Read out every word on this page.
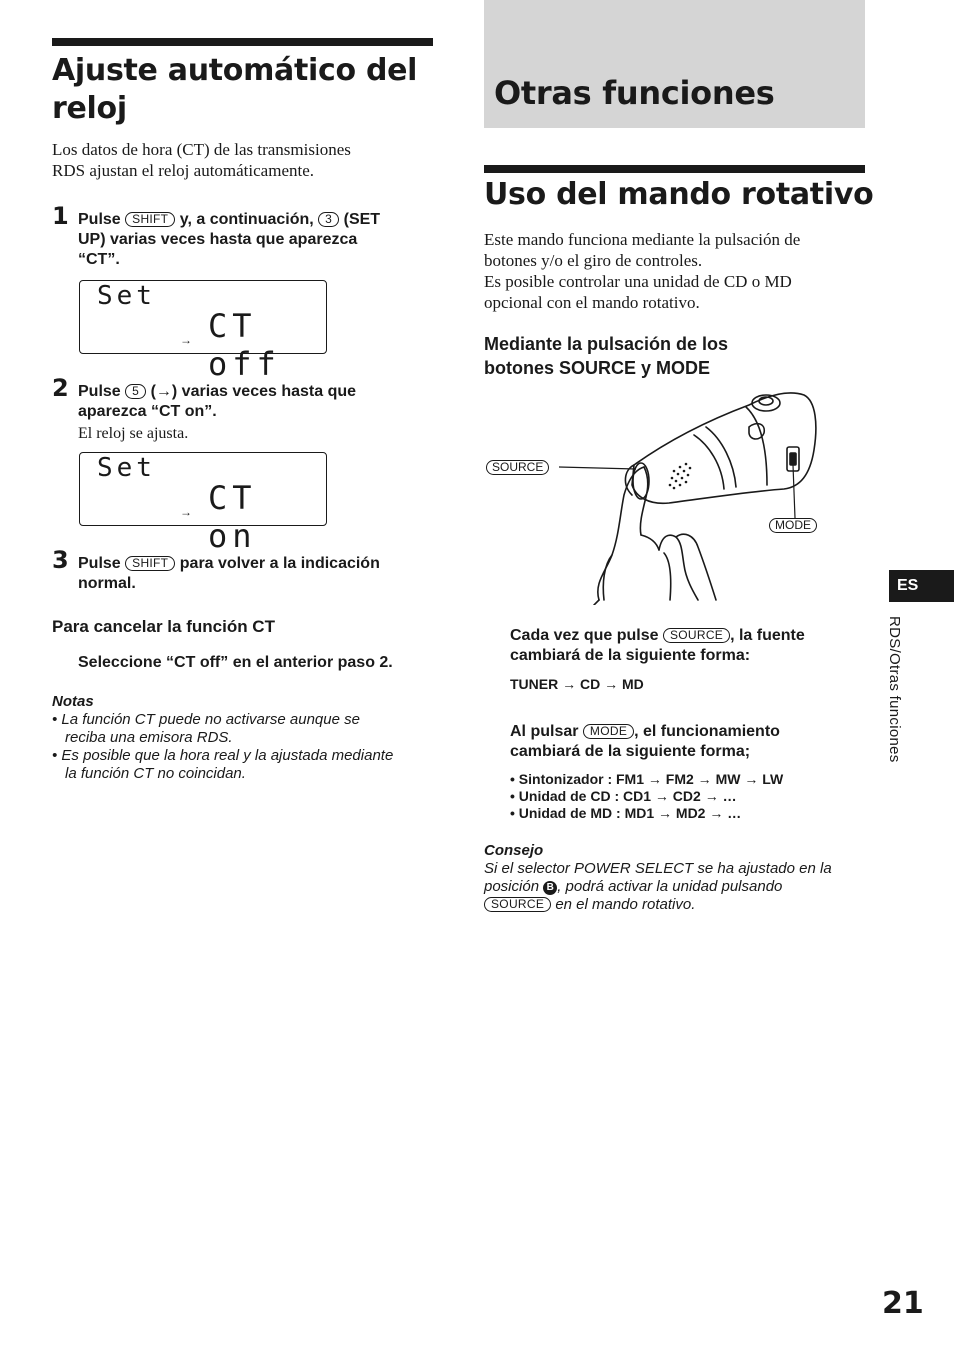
Ajuste automático del
reloj
Los datos de hora (CT) de las transmisiones
RDS ajustan el reloj automáticamente.
1 Pulse SHIFT y, a continuación, 3 (SET
UP) varias veces hasta que aparezca
“CT”.
Set
CT off
→
2 Pulse 5 (→) varias veces hasta que
aparezca “CT on”.
El reloj se ajusta.
Set
CT on
→
3 Pulse SHIFT para volver a la indicación
normal.
Para cancelar la función CT
Seleccione “CT off” en el anterior paso 2.
Notas
• La función CT puede no activarse aunque se
reciba una emisora RDS.
• Es posible que la hora real y la ajustada mediante
la función CT no coincidan.
Otras funciones
Uso del mando rotativo
Este mando funciona mediante la pulsación de
botones y/o el giro de controles.
Es posible controlar una unidad de CD o MD
opcional con el mando rotativo.
Mediante la pulsación de los
botones SOURCE y MODE
SOURCE
MODE
Cada vez que pulse SOURCE , la fuente
cambiará de la siguiente forma:
TUNER → CD → MD
Al pulsar MODE , el funcionamiento
cambiará de la siguiente forma;
• Sintonizador : FM1 → FM2 → MW → LW
• Unidad de CD : CD1 → CD2 → …
• Unidad de MD : MD1 → MD2 → …
Consejo
Si el selector POWER SELECT se ha ajustado en la
posición B , podrá activar la unidad pulsando
SOURCE en el mando rotativo.
ES
RDS/Otras funciones
21
